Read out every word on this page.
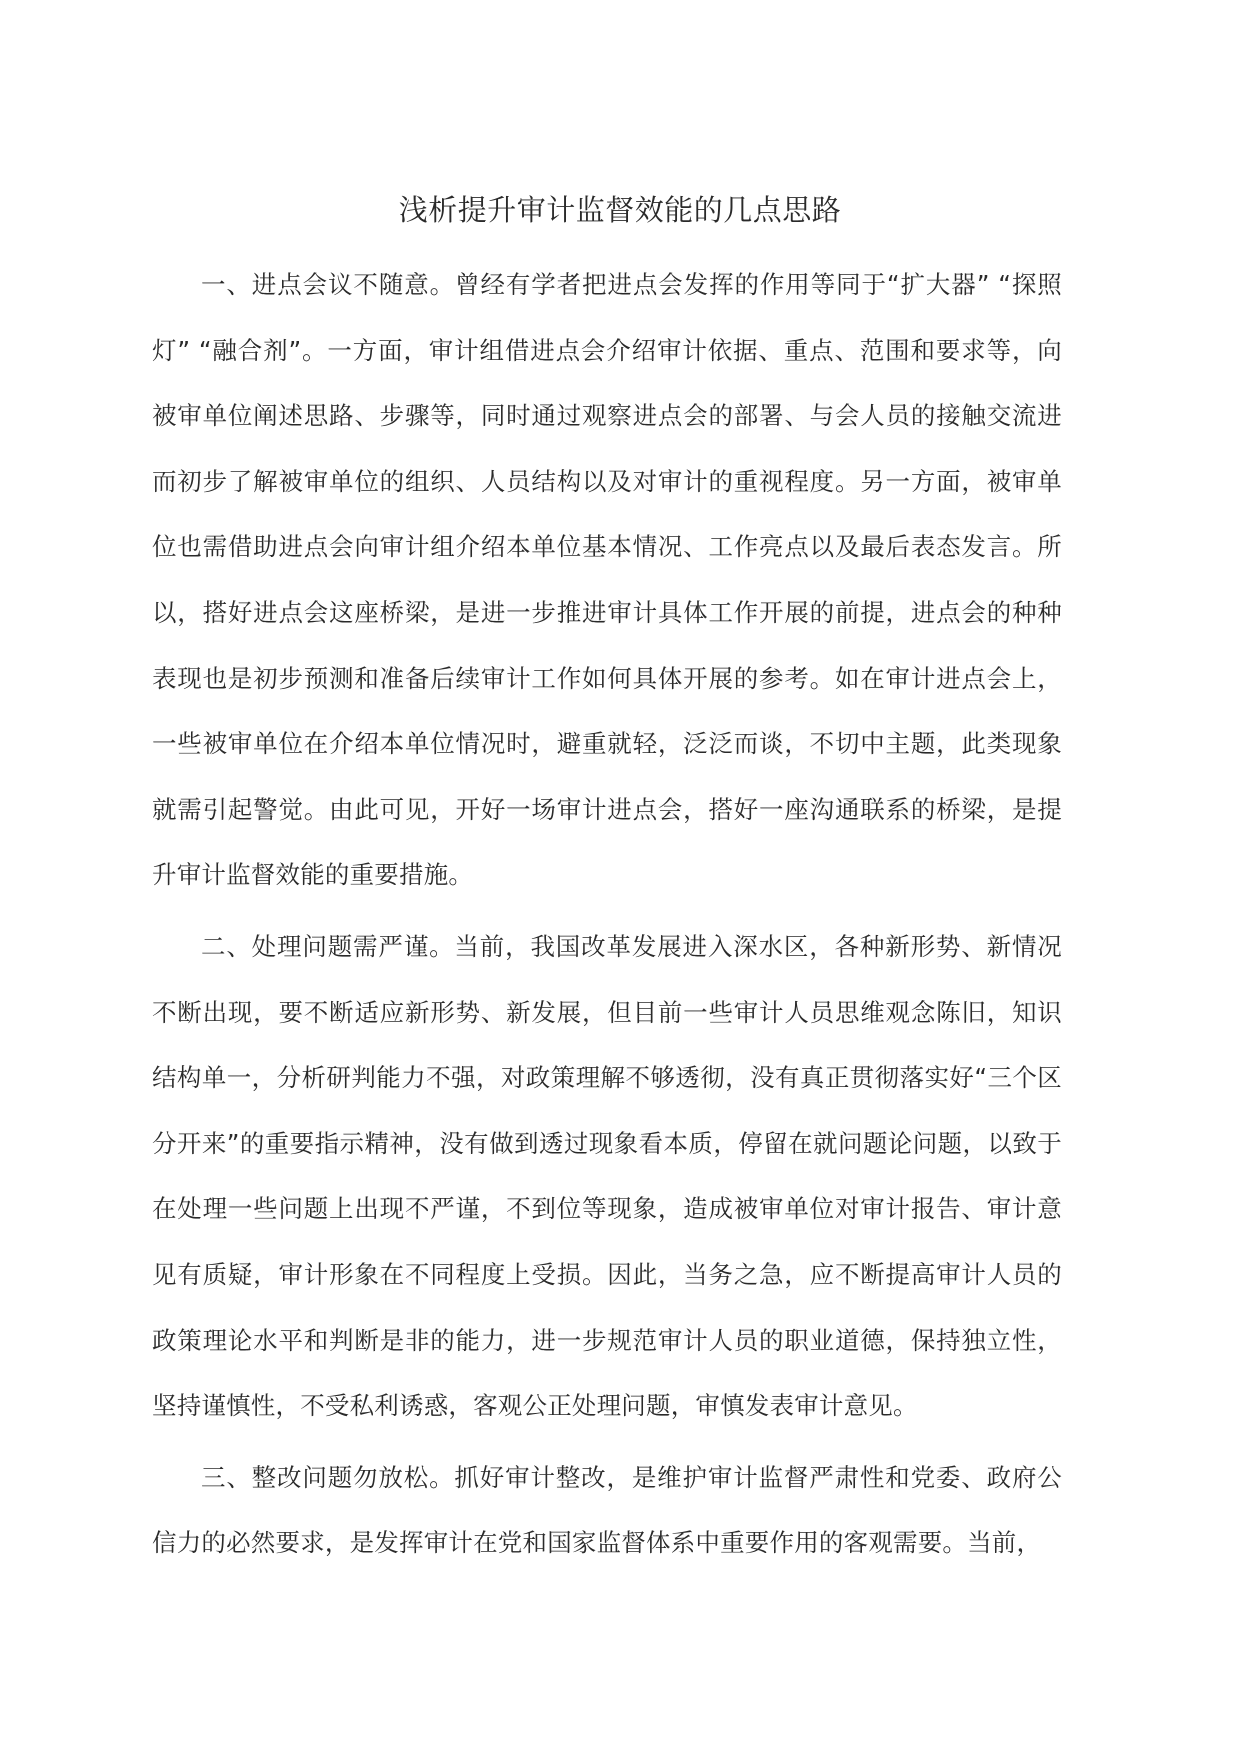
浅析提升审计监督效能的几点思路

一、进点会议不随意。曾经有学者把进点会发挥的作用等同于“扩大器” “探照灯” “融合剂”。一方面，审计组借进点会介绍审计依据、重点、范围和要求等，向被审单位阐述思路、步骤等，同时通过观察进点会的部署、与会人员的接触交流进而初步了解被审单位的组织、人员结构以及对审计的重视程度。另一方面，被审单位也需借助进点会向审计组介绍本单位基本情况、工作亮点以及最后表态发言。所以，搭好进点会这座桥梁，是进一步推进审计具体工作开展的前提，进点会的种种表现也是初步预测和准备后续审计工作如何具体开展的参考。如在审计进点会上，一些被审单位在介绍本单位情况时，避重就轻，泛泛而谈，不切中主题，此类现象就需引起警觉。由此可见，开好一场审计进点会，搭好一座沟通联系的桥梁，是提升审计监督效能的重要措施。

二、处理问题需严谨。当前，我国改革发展进入深水区，各种新形势、新情况不断出现，要不断适应新形势、新发展，但目前一些审计人员思维观念陈旧，知识结构单一，分析研判能力不强，对政策理解不够透彻，没有真正贯彻落实好“三个区分开来”的重要指示精神，没有做到透过现象看本质，停留在就问题论问题，以致于在处理一些问题上出现不严谨，不到位等现象，造成被审单位对审计报告、审计意见有质疑，审计形象在不同程度上受损。因此，当务之急，应不断提高审计人员的政策理论水平和判断是非的能力，进一步规范审计人员的职业道德，保持独立性，坚持谨慎性，不受私利诱惑，客观公正处理问题，审慎发表审计意见。

三、整改问题勿放松。抓好审计整改，是维护审计监督严肃性和党委、政府公信力的必然要求，是发挥审计在党和国家监督体系中重要作用的客观需要。当前，
